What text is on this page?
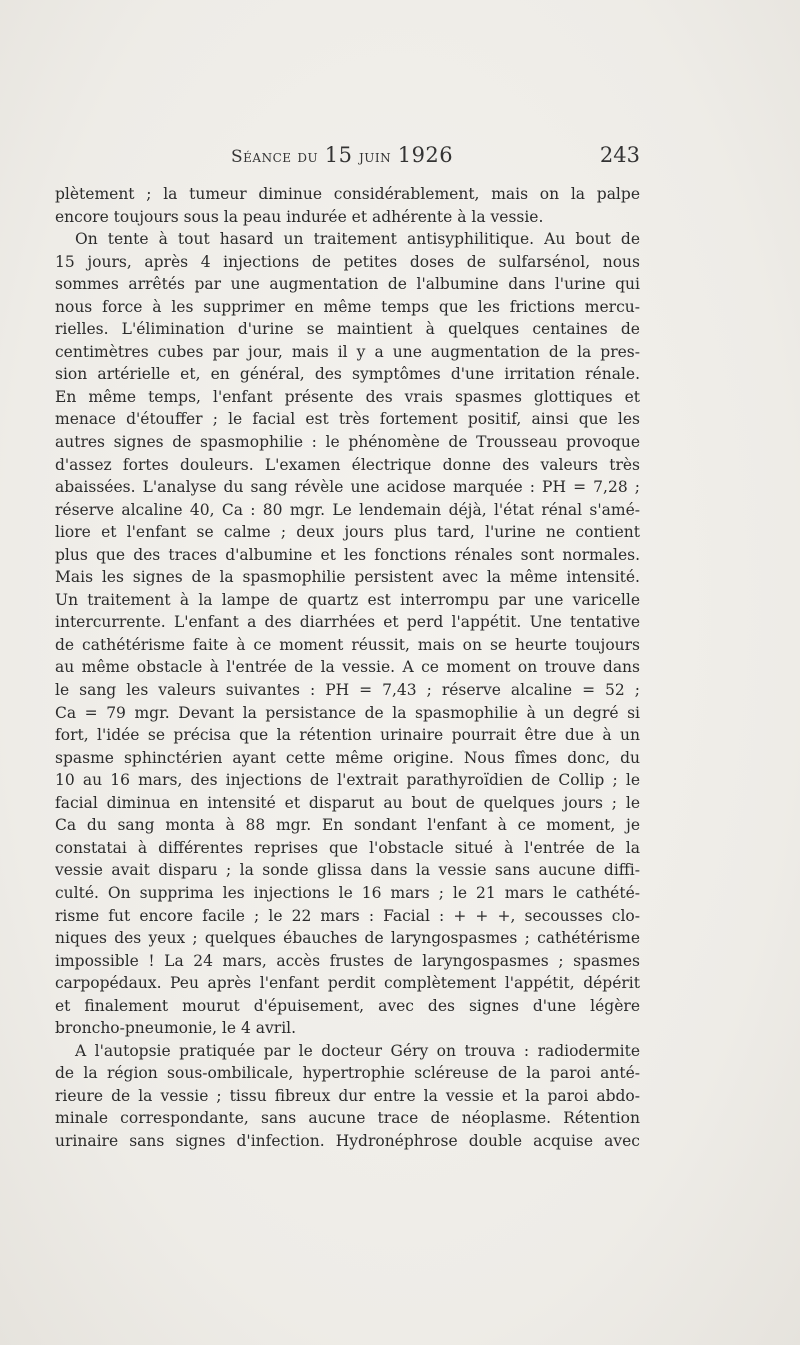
Séance du 15 juin 1926	243
plètement ; la tumeur diminue considérablement, mais on la palpe
encore toujours sous la peau indurée et adhérente à la vessie.
On tente à tout hasard un traitement antisyphilitique. Au bout de
15 jours, après 4 injections de petites doses de sulfarsénol, nous
sommes arrêtés par une augmentation de l'albumine dans l'urine qui
nous force à les supprimer en même temps que les frictions mercu-
rielles. L'élimination d'urine se maintient à quelques centaines de
centimètres cubes par jour, mais il y a une augmentation de la pres-
sion artérielle et, en général, des symptômes d'une irritation rénale.
En même temps, l'enfant présente des vrais spasmes glottiques et
menace d'étouffer ; le facial est très fortement positif, ainsi que les
autres signes de spasmophilie : le phénomène de Trousseau provoque
d'assez fortes douleurs. L'examen électrique donne des valeurs très
abaissées. L'analyse du sang révèle une acidose marquée : PH = 7,28 ;
réserve alcaline 40, Ca : 80 mgr. Le lendemain déjà, l'état rénal s'amé-
liore et l'enfant se calme ; deux jours plus tard, l'urine ne contient
plus que des traces d'albumine et les fonctions rénales sont normales.
Mais les signes de la spasmophilie persistent avec la même intensité.
Un traitement à la lampe de quartz est interrompu par une varicelle
intercurrente. L'enfant a des diarrhées et perd l'appétit. Une tentative
de cathétérisme faite à ce moment réussit, mais on se heurte toujours
au même obstacle à l'entrée de la vessie. A ce moment on trouve dans
le sang les valeurs suivantes : PH = 7,43 ; réserve alcaline = 52 ;
Ca = 79 mgr. Devant la persistance de la spasmophilie à un degré si
fort, l'idée se précisa que la rétention urinaire pourrait être due à un
spasme sphinctérien ayant cette même origine. Nous fîmes donc, du
10 au 16 mars, des injections de l'extrait parathyroïdien de Collip ; le
facial diminua en intensité et disparut au bout de quelques jours ; le
Ca du sang monta à 88 mgr. En sondant l'enfant à ce moment, je
constatai à différentes reprises que l'obstacle situé à l'entrée de la
vessie avait disparu ; la sonde glissa dans la vessie sans aucune diffi-
culté. On supprima les injections le 16 mars ; le 21 mars le cathété-
risme fut encore facile ; le 22 mars : Facial : + + +, secousses clo-
niques des yeux ; quelques ébauches de laryngospasmes ; cathétérisme
impossible ! La 24 mars, accès frustes de laryngospasmes ; spasmes
carpopédaux. Peu après l'enfant perdit complètement l'appétit, dépérit
et finalement mourut d'épuisement, avec des signes d'une légère
broncho-pneumonie, le 4 avril.
A l'autopsie pratiquée par le docteur Géry on trouva : radiodermite
de la région sous-ombilicale, hypertrophie scléreuse de la paroi anté-
rieure de la vessie ; tissu fibreux dur entre la vessie et la paroi abdo-
minale correspondante, sans aucune trace de néoplasme. Rétention
urinaire sans signes d'infection. Hydronéphrose double acquise avec
